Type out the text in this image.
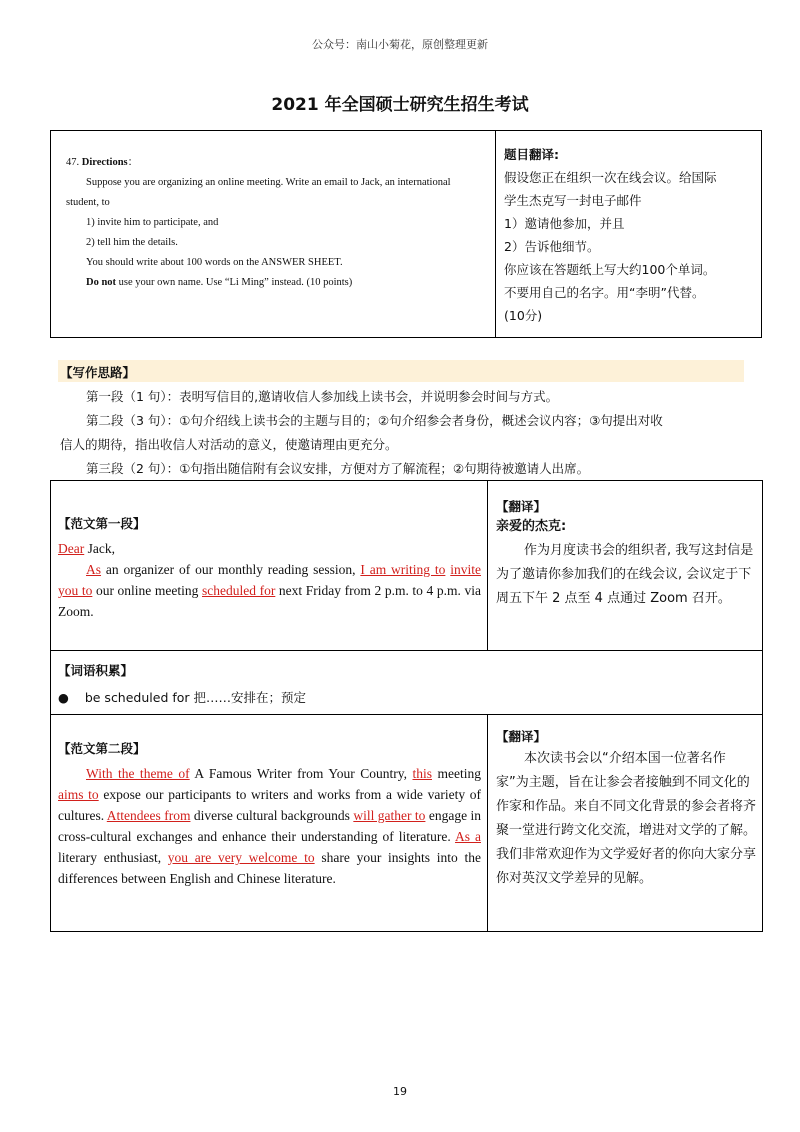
公众号：南山小菊花，原创整理更新
2021 年全国硕士研究生招生考试
47. Directions：
Suppose you are organizing an online meeting. Write an email to Jack, an international
student, to
1) invite him to participate, and
2) tell him the details.
You should write about 100 words on the ANSWER SHEET.
Do not use your own name. Use “Li Ming” instead. (10 points)
题目翻译:
假设您正在组织一次在线会议。给国际
学生杰克写一封电子邮件
1）邀请他参加，并且
2）告诉他细节。
你应该在答题纸上写大约100个单词。
不要用自己的名字。用“李明”代替。
(10分)
【写作思路】
第一段（1 句）：表明写信目的,邀请收信人参加线上读书会，并说明参会时间与方式。
第二段（3 句）：①句介绍线上读书会的主题与目的；②句介绍参会者身份，概述会议内容；③句提出对收
信人的期待，指出收信人对活动的意义，使邀请理由更充分。
第三段（2 句）：①句指出随信附有会议安排，方便对方了解流程；②句期待被邀请人出席。
【范文第一段】
Dear Jack,
As an organizer of our monthly reading session, I am writing to invite you to our online meeting scheduled for next Friday from 2 p.m. to 4 p.m. via Zoom.
【翻译】
亲爱的杰克:
作为月度读书会的组织者, 我写这封信是为了邀请你参加我们的在线会议, 会议定于下周五下午 2 点至 4 点通过 Zoom 召开。
【词语积累】
● be scheduled for 把……安排在；预定
【范文第二段】
With the theme of A Famous Writer from Your Country, this meeting aims to expose our participants to writers and works from a wide variety of cultures. Attendees from diverse cultural backgrounds will gather to engage in cross-cultural exchanges and enhance their understanding of literature. As a literary enthusiast, you are very welcome to share your insights into the differences between English and Chinese literature.
【翻译】
本次读书会以“介绍本国一位著名作家”为主题，旨在让参会者接触到不同文化的作家和作品。来自不同文化背景的参会者将齐聚一堂进行跨文化交流，增进对文学的了解。我们非常欢迎作为文学爱好者的你向大家分享你对英汉文学差异的见解。
19
